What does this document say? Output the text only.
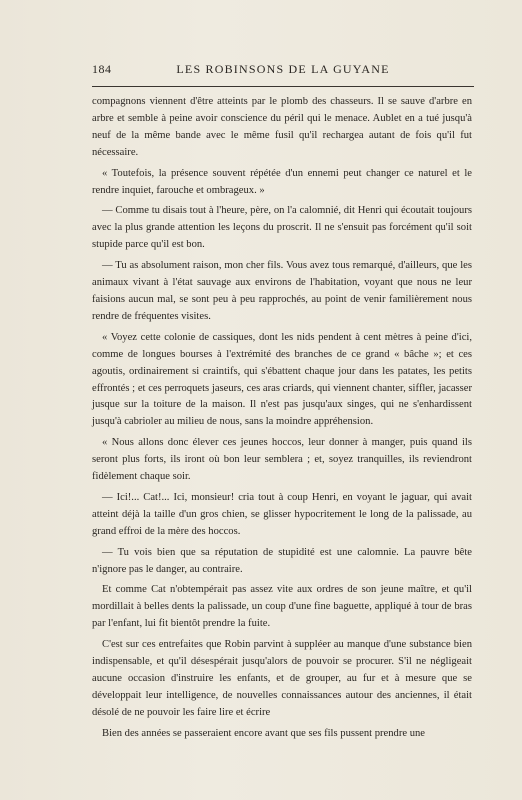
184	LES ROBINSONS DE LA GUYANE

compagnons viennent d'être atteints par le plomb des chasseurs. Il se sauve d'arbre en arbre et semble à peine avoir conscience du péril qui le menace. Aublet en a tué jusqu'à neuf de la même bande avec le même fusil qu'il rechargea autant de fois qu'il fut nécessaire.

« Toutefois, la présence souvent répétée d'un ennemi peut changer ce naturel et le rendre inquiet, farouche et ombrageux. »

— Comme tu disais tout à l'heure, père, on l'a calomnié, dit Henri qui écoutait toujours avec la plus grande attention les leçons du proscrit. Il ne s'ensuit pas forcément qu'il soit stupide parce qu'il est bon.

— Tu as absolument raison, mon cher fils. Vous avez tous remarqué, d'ailleurs, que les animaux vivant à l'état sauvage aux environs de l'habitation, voyant que nous ne leur faisions aucun mal, se sont peu à peu rapprochés, au point de venir familièrement nous rendre de fréquentes visites.

« Voyez cette colonie de cassiques, dont les nids pendent à cent mètres à peine d'ici, comme de longues bourses à l'extrémité des branches de ce grand « bâche »; et ces agoutis, ordinairement si craintifs, qui s'ébattent chaque jour dans les patates, les petits effrontés ; et ces perroquets jaseurs, ces aras criards, qui viennent chanter, siffler, jacasser jusque sur la toiture de la maison. Il n'est pas jusqu'aux singes, qui ne s'enhardissent jusqu'à cabrioler au milieu de nous, sans la moindre appréhension.

« Nous allons donc élever ces jeunes hoccos, leur donner à manger, puis quand ils seront plus forts, ils iront où bon leur semblera ; et, soyez tranquilles, ils reviendront fidèlement chaque soir.

— Ici!... Cat!... Ici, monsieur! cria tout à coup Henri, en voyant le jaguar, qui avait atteint déjà la taille d'un gros chien, se glisser hypocritement le long de la palissade, au grand effroi de la mère des hoccos.

— Tu vois bien que sa réputation de stupidité est une calomnie. La pauvre bête n'ignore pas le danger, au contraire.

Et comme Cat n'obtempérait pas assez vite aux ordres de son jeune maître, et qu'il mordillait à belles dents la palissade, un coup d'une fine baguette, appliqué à tour de bras par l'enfant, lui fit bientôt prendre la fuite.

C'est sur ces entrefaites que Robin parvint à suppléer au manque d'une substance bien indispensable, et qu'il désespérait jusqu'alors de pouvoir se procurer. S'il ne négligeait aucune occasion d'instruire les enfants, et de grouper, au fur et à mesure que se développait leur intelligence, de nouvelles connaissances autour des anciennes, il était désolé de ne pouvoir les faire lire et écrire

Bien des années se passeraient encore avant que ses fils pussent prendre une
